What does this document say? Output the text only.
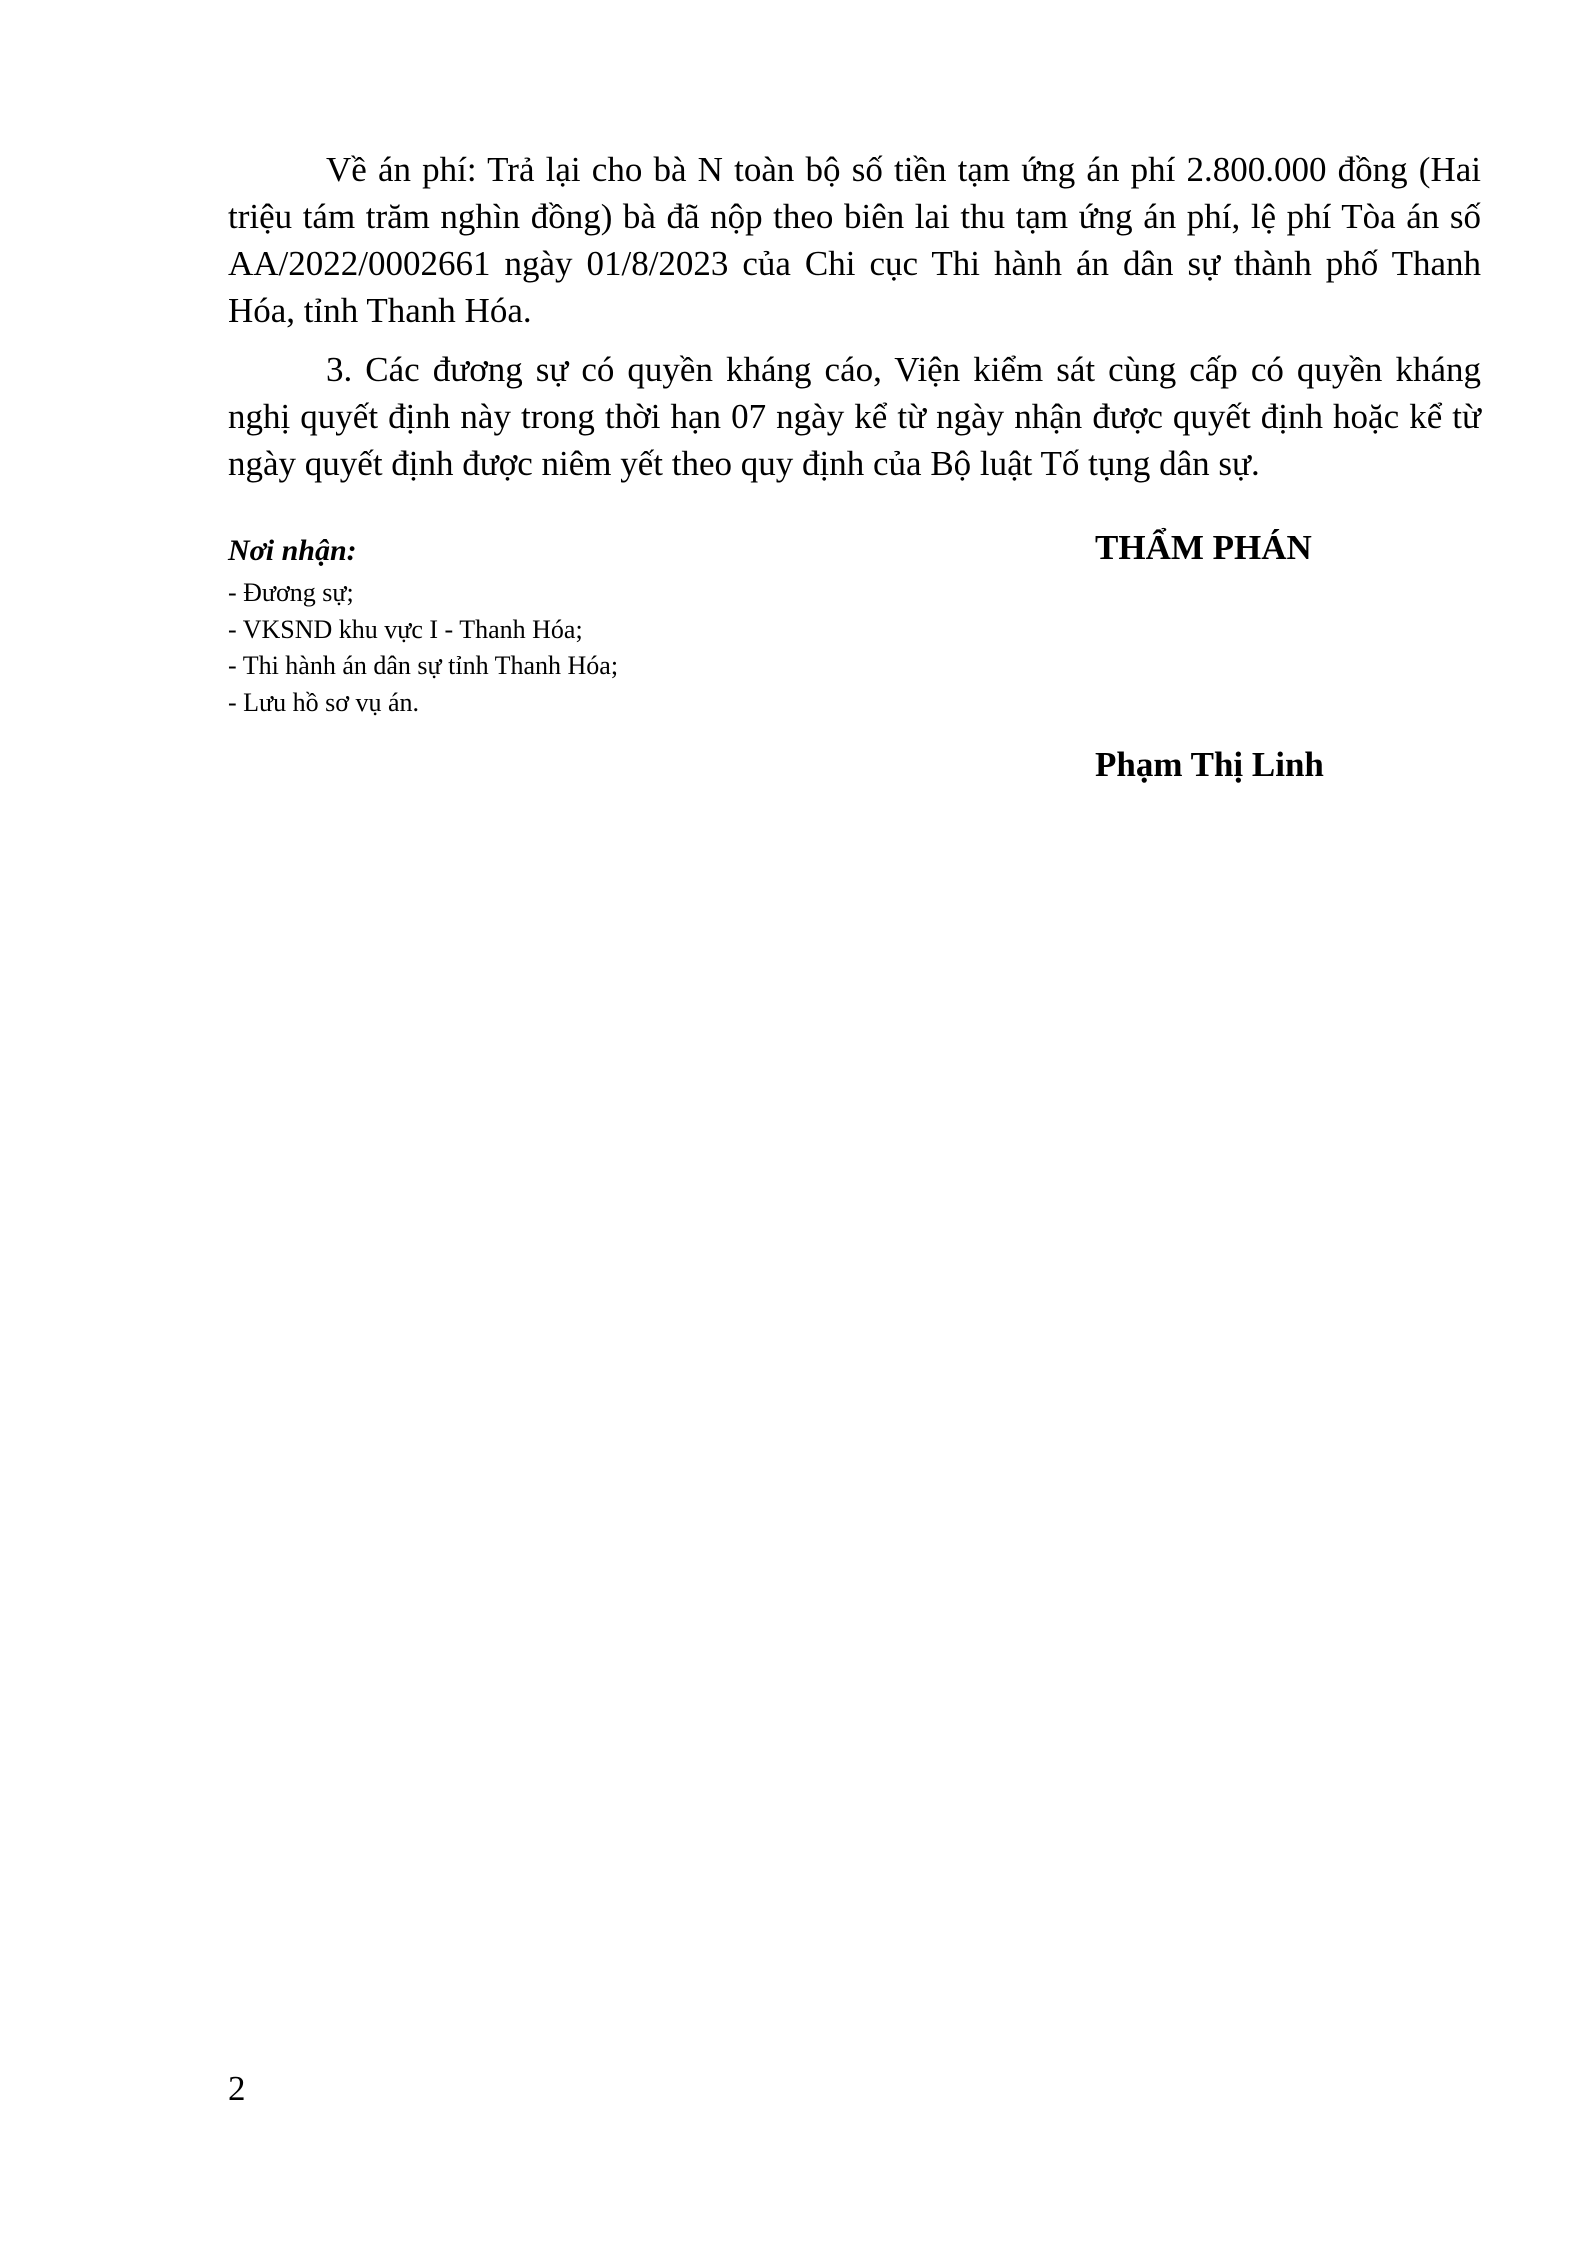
Về án phí: Trả lại cho bà N toàn bộ số tiền tạm ứng án phí 2.800.000 đồng (Hai triệu tám trăm nghìn đồng) bà đã nộp theo biên lai thu tạm ứng án phí, lệ phí Tòa án số AA/2022/0002661 ngày 01/8/2023 của Chi cục Thi hành án dân sự thành phố Thanh Hóa, tỉnh Thanh Hóa.

3. Các đương sự có quyền kháng cáo, Viện kiểm sát cùng cấp có quyền kháng nghị quyết định này trong thời hạn 07 ngày kể từ ngày nhận được quyết định hoặc kể từ ngày quyết định được niêm yết theo quy định của Bộ luật Tố tụng dân sự.

Nơi nhận:
- Đương sự;
- VKSND khu vực I - Thanh Hóa;
- Thi hành án dân sự tỉnh Thanh Hóa;
- Lưu hồ sơ vụ án.
THẨM PHÁN
Phạm Thị Linh
2
